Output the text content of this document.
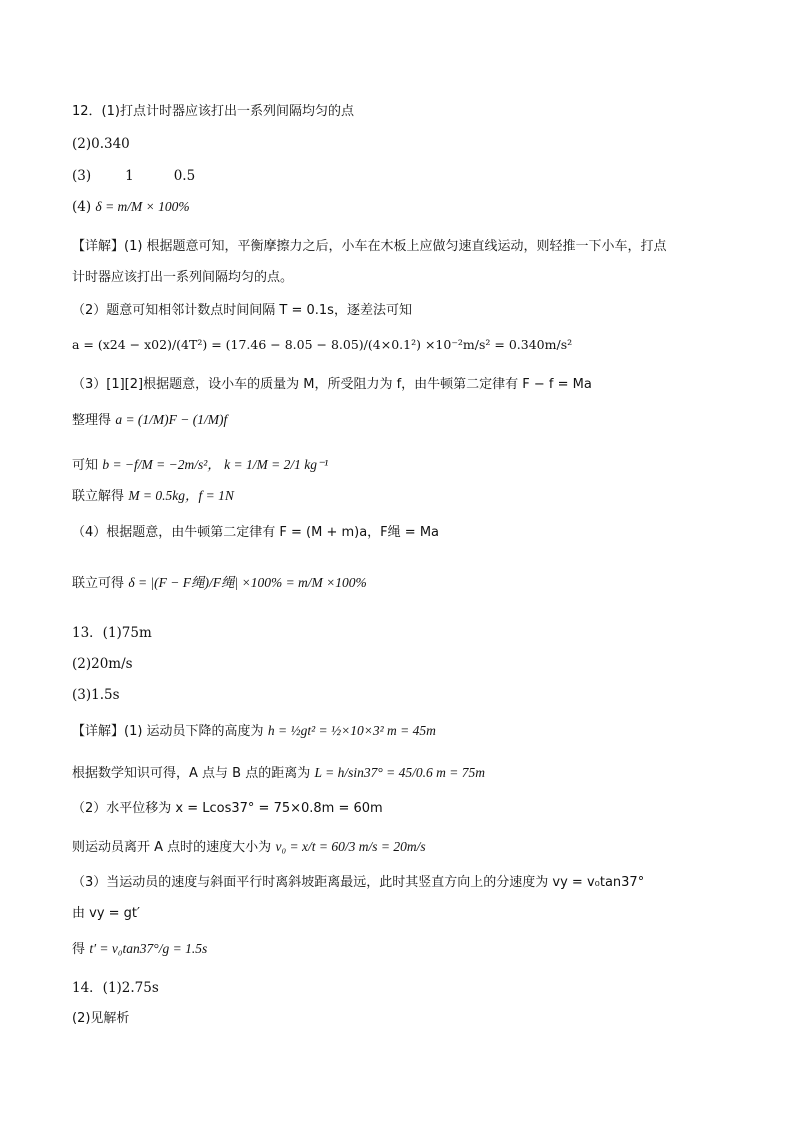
12．(1)打点计时器应该打出一系列间隔均匀的点
(2)0.340
(3)	1	0.5
(4) δ = m/M × 100%
【详解】(1) 根据题意可知，平衡摩擦力之后，小车在木板上应做匀速直线运动，则轻推一下小车，打点
计时器应该打出一系列间隔均匀的点。
（2）题意可知相邻计数点时间间隔 T = 0.1s，逐差法可知
a = (x24 − x02)/(4T²) = (17.46 − 8.05 − 8.05)/(4×0.1²) ×10⁻²m/s² = 0.340m/s²
（3）[1][2]根据题意，设小车的质量为 M，所受阻力为 f，由牛顿第二定律有 F − f = Ma
整理得 a = (1/M)F − (1/M)f
可知 b = −f/M = −2m/s²， k = 1/M = 2/1 kg⁻¹
联立解得 M = 0.5kg，f = 1N
（4）根据题意，由牛顿第二定律有 F = (M + m)a，F绳 = Ma
联立可得 δ = |(F − F绳)/F绳| ×100% = m/M ×100%
13．(1)75m
(2)20m/s
(3)1.5s
【详解】(1) 运动员下降的高度为 h = ½gt² = ½×10×3² m = 45m
根据数学知识可得，A 点与 B 点的距离为 L = h/sin37° = 45/0.6 m = 75m
（2）水平位移为 x = Lcos37° = 75×0.8m = 60m
则运动员离开 A 点时的速度大小为 v₀ = x/t = 60/3 m/s = 20m/s
（3）当运动员的速度与斜面平行时离斜坡距离最远，此时其竖直方向上的分速度为 vy = v₀tan37°
由 vy = gt′
得 t′ = v₀tan37°/g = 1.5s
14．(1)2.75s
(2)见解析
